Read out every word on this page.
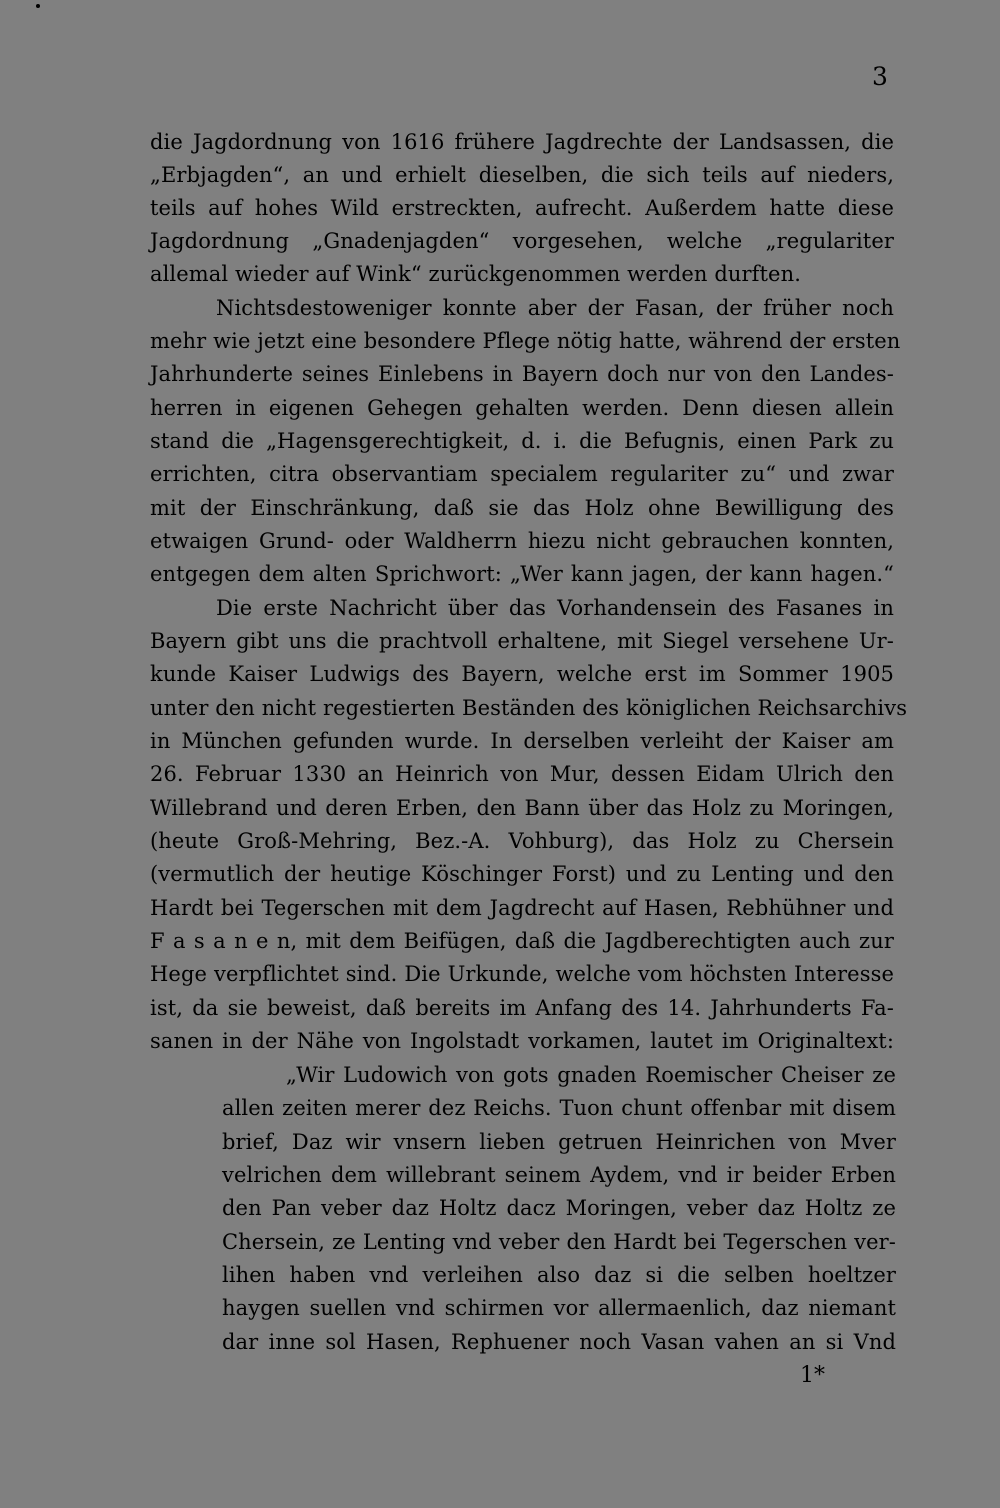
3
die Jagdordnung von 1616 frühere Jagdrechte der Landsassen, die
„Erbjagden“, an und erhielt dieselben, die sich teils auf nieders,
teils auf hohes Wild erstreckten, aufrecht. Außerdem hatte diese
Jagdordnung „Gnadenjagden“ vorgesehen, welche „regulariter
allemal wieder auf Wink“ zurückgenommen werden durften.
Nichtsdestoweniger konnte aber der Fasan, der früher noch
mehr wie jetzt eine besondere Pflege nötig hatte, während der ersten
Jahrhunderte seines Einlebens in Bayern doch nur von den Landes-
herren in eigenen Gehegen gehalten werden. Denn diesen allein
stand die „Hagensgerechtigkeit, d. i. die Befugnis, einen Park zu
errichten, citra observantiam specialem regulariter zu“ und zwar
mit der Einschränkung, daß sie das Holz ohne Bewilligung des
etwaigen Grund- oder Waldherrn hiezu nicht gebrauchen konnten,
entgegen dem alten Sprichwort: „Wer kann jagen, der kann hagen.“
Die erste Nachricht über das Vorhandensein des Fasanes in
Bayern gibt uns die prachtvoll erhaltene, mit Siegel versehene Ur-
kunde Kaiser Ludwigs des Bayern, welche erst im Sommer 1905
unter den nicht regestierten Beständen des königlichen Reichsarchivs
in München gefunden wurde. In derselben verleiht der Kaiser am
26. Februar 1330 an Heinrich von Mur, dessen Eidam Ulrich den
Willebrand und deren Erben, den Bann über das Holz zu Moringen,
(heute Groß-Mehring, Bez.-A. Vohburg), das Holz zu Chersein
(vermutlich der heutige Köschinger Forst) und zu Lenting und den
Hardt bei Tegerschen mit dem Jagdrecht auf Hasen, Rebhühner und
F a s a n e n, mit dem Beifügen, daß die Jagdberechtigten auch zur
Hege verpflichtet sind. Die Urkunde, welche vom höchsten Interesse
ist, da sie beweist, daß bereits im Anfang des 14. Jahrhunderts Fa-
sanen in der Nähe von Ingolstadt vorkamen, lautet im Originaltext:
„Wir Ludowich von gots gnaden Roemischer Cheiser ze
allen zeiten merer dez Reichs. Tuon chunt offenbar mit disem
brief, Daz wir vnsern lieben getruen Heinrichen von Mver
velrichen dem willebrant seinem Aydem, vnd ir beider Erben
den Pan veber daz Holtz dacz Moringen, veber daz Holtz ze
Chersein, ze Lenting vnd veber den Hardt bei Tegerschen ver-
lihen haben vnd verleihen also daz si die selben hoeltzer
haygen suellen vnd schirmen vor allermaenlich, daz niemant
dar inne sol Hasen, Rephuener noch Vasan vahen an si Vnd
1*
